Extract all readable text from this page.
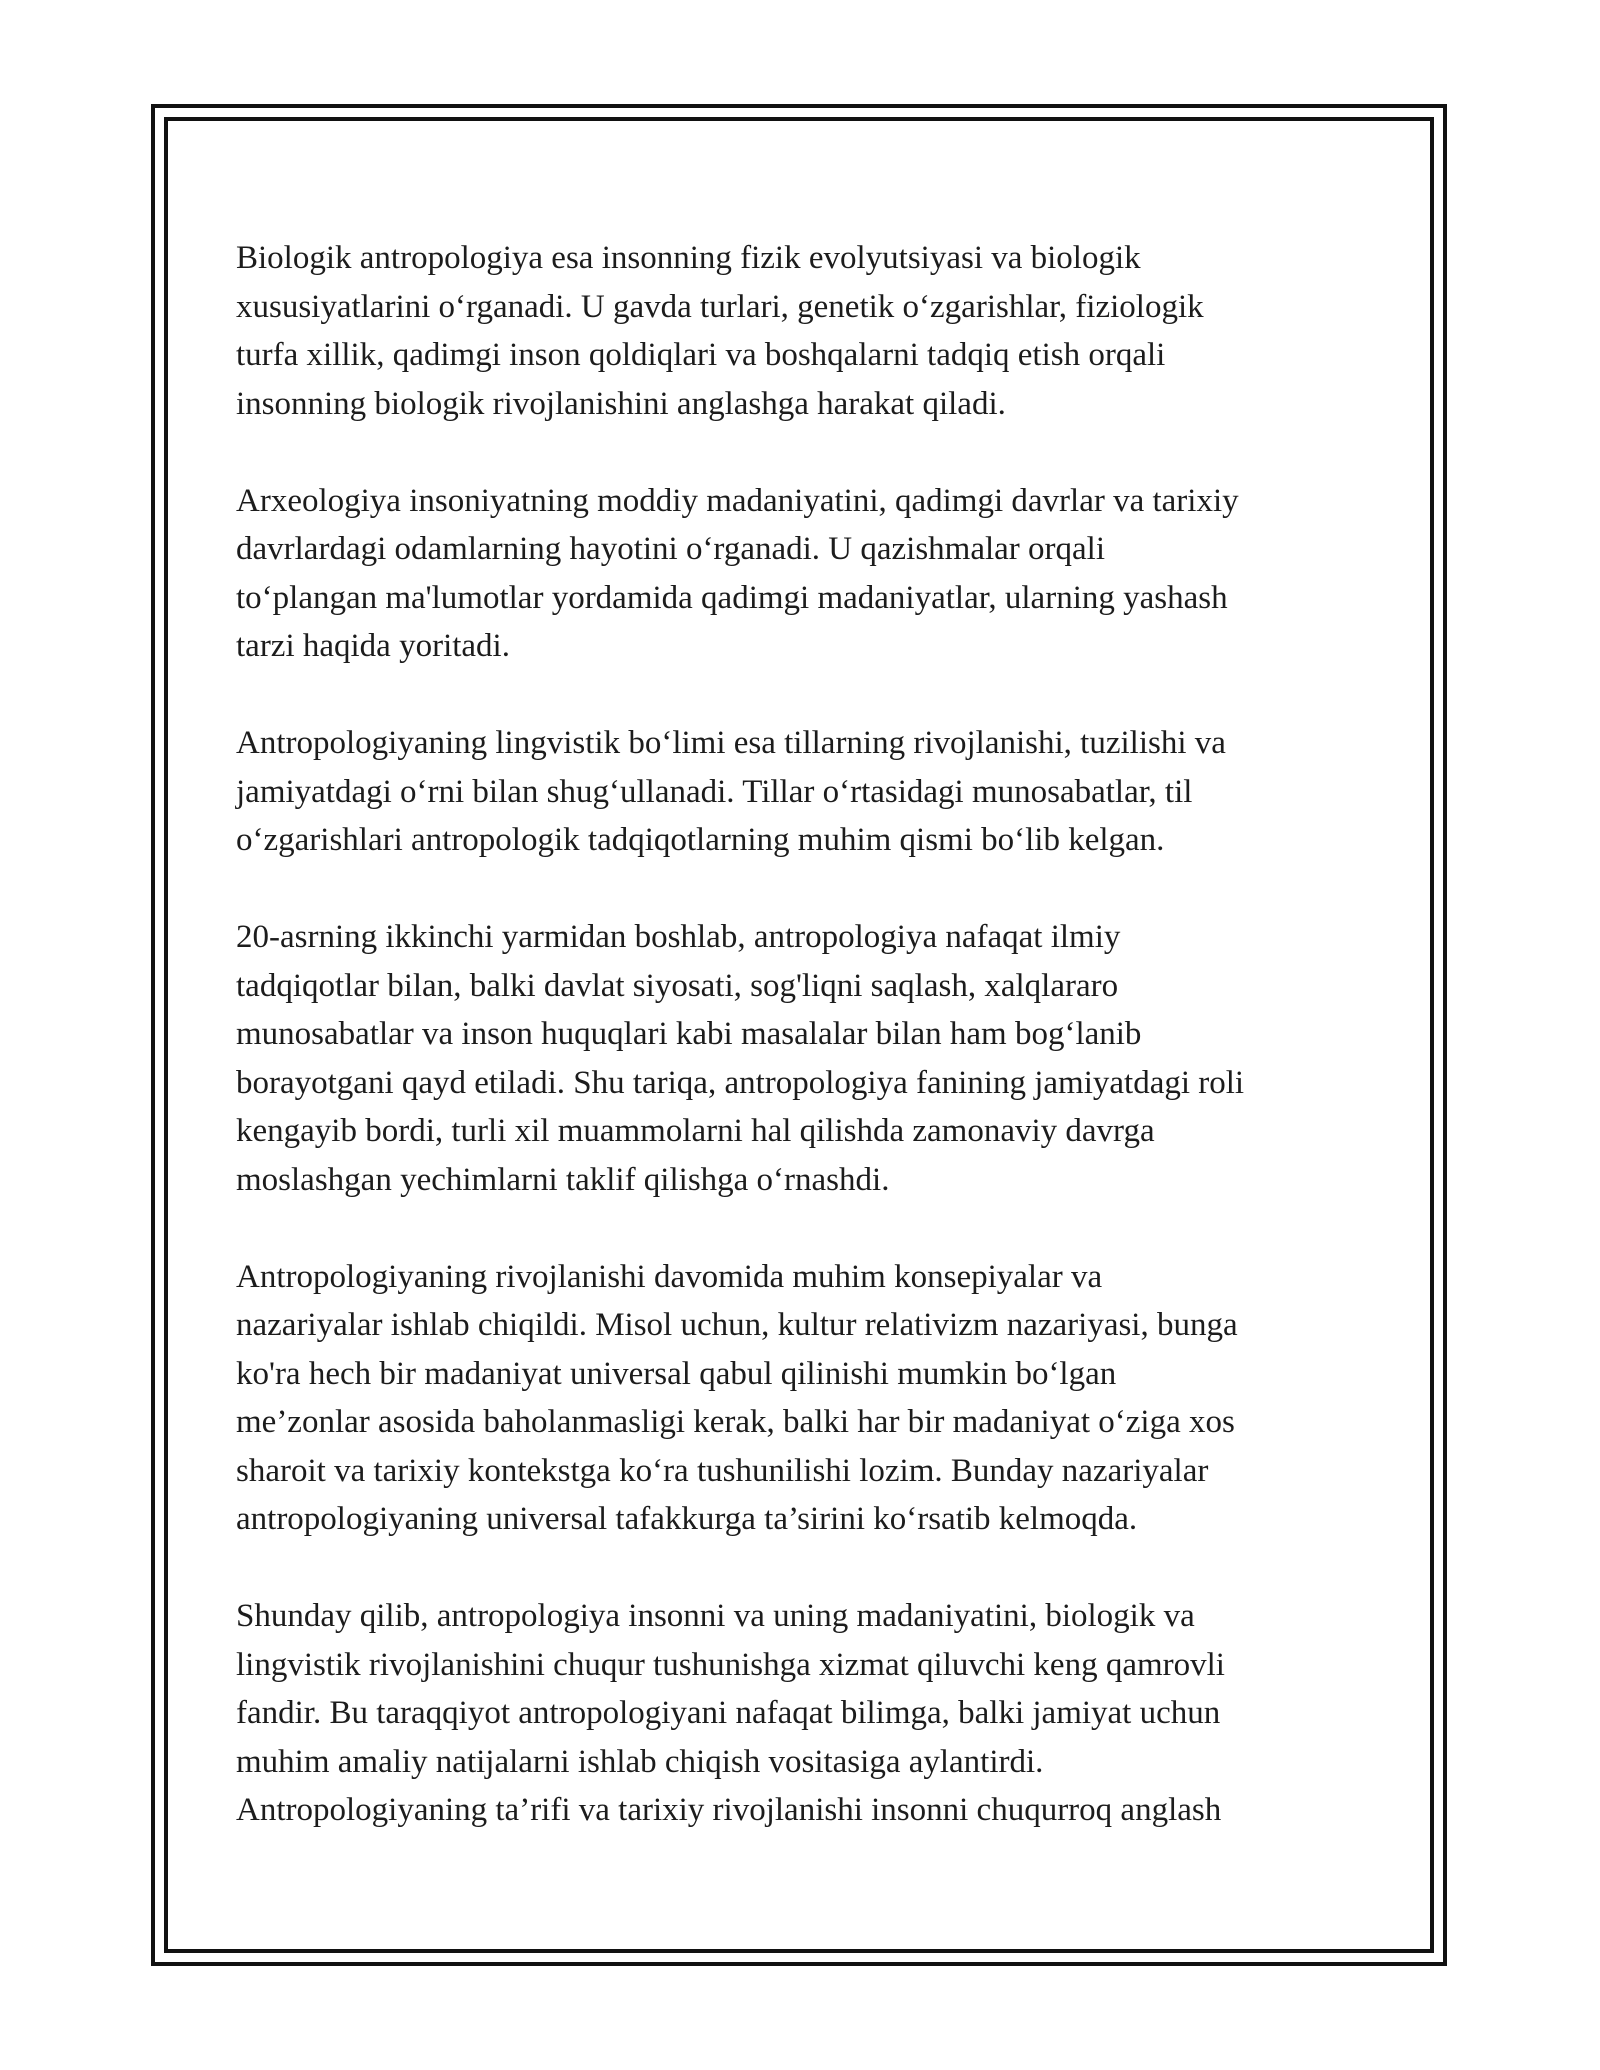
Biologik antropologiya esa insonning fizik evolyutsiyasi va biologik
xususiyatlarini o‘rganadi. U gavda turlari, genetik o‘zgarishlar, fiziologik
turfa xillik, qadimgi inson qoldiqlari va boshqalarni tadqiq etish orqali
insonning biologik rivojlanishini anglashga harakat qiladi.

Arxeologiya insoniyatning moddiy madaniyatini, qadimgi davrlar va tarixiy
davrlardagi odamlarning hayotini o‘rganadi. U qazishmalar orqali
to‘plangan ma'lumotlar yordamida qadimgi madaniyatlar, ularning yashash
tarzi haqida yoritadi.

Antropologiyaning lingvistik bo‘limi esa tillarning rivojlanishi, tuzilishi va
jamiyatdagi o‘rni bilan shug‘ullanadi. Tillar o‘rtasidagi munosabatlar, til
o‘zgarishlari antropologik tadqiqotlarning muhim qismi bo‘lib kelgan.

20-asrning ikkinchi yarmidan boshlab, antropologiya nafaqat ilmiy
tadqiqotlar bilan, balki davlat siyosati, sog'liqni saqlash, xalqlararo
munosabatlar va inson huquqlari kabi masalalar bilan ham bog‘lanib
borayotgani qayd etiladi. Shu tariqa, antropologiya fanining jamiyatdagi roli
kengayib bordi, turli xil muammolarni hal qilishda zamonaviy davrga
moslashgan yechimlarni taklif qilishga o‘rnashdi.

Antropologiyaning rivojlanishi davomida muhim konsepiyalar va
nazariyalar ishlab chiqildi. Misol uchun, kultur relativizm nazariyasi, bunga
ko'ra hech bir madaniyat universal qabul qilinishi mumkin bo‘lgan
me’zonlar asosida baholanmasligi kerak, balki har bir madaniyat o‘ziga xos
sharoit va tarixiy kontekstga ko‘ra tushunilishi lozim. Bunday nazariyalar
antropologiyaning universal tafakkurga ta’sirini ko‘rsatib kelmoqda.

Shunday qilib, antropologiya insonni va uning madaniyatini, biologik va
lingvistik rivojlanishini chuqur tushunishga xizmat qiluvchi keng qamrovli
fandir. Bu taraqqiyot antropologiyani nafaqat bilimga, balki jamiyat uchun
muhim amaliy natijalarni ishlab chiqish vositasiga aylantirdi.
Antropologiyaning ta’rifi va tarixiy rivojlanishi insonni chuqurroq anglash
